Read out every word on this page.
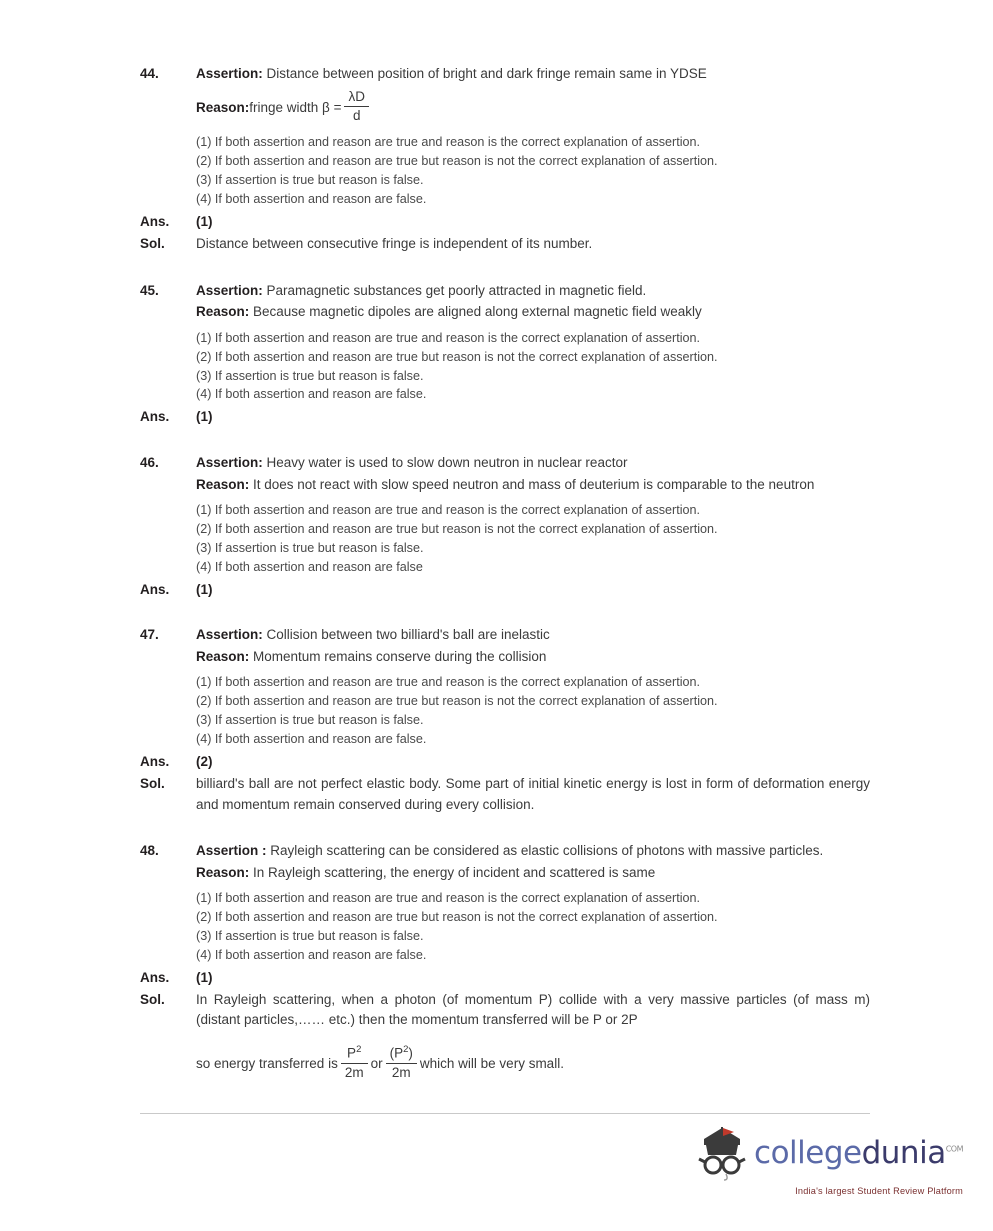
44.	Assertion: Distance between position of bright and dark fringe remain same in YDSE
Reason: fringe width $\beta = \frac{\lambda D}{d}$
(1) If both assertion and reason are true and reason is the correct explanation of assertion.
(2) If both assertion and reason are true but reason is not the correct explanation of assertion.
(3) If assertion is true but reason is false.
(4) If both assertion and reason are false.
Ans.	(1)
Sol.	Distance between consecutive fringe is independent of its number.
45.	Assertion: Paramagnetic substances get poorly attracted in magnetic field.
Reason: Because magnetic dipoles are aligned along external magnetic field weakly
(1) If both assertion and reason are true and reason is the correct explanation of assertion.
(2) If both assertion and reason are true but reason is not the correct explanation of assertion.
(3) If assertion is true but reason is false.
(4) If both assertion and reason are false.
Ans.	(1)
46.	Assertion: Heavy water is used to slow down neutron in nuclear reactor
Reason: It does not react with slow speed neutron and mass of deuterium is comparable to the neutron
(1) If both assertion and reason are true and reason is the correct explanation of assertion.
(2) If both assertion and reason are true but reason is not the correct explanation of assertion.
(3) If assertion is true but reason is false.
(4) If both assertion and reason are false
Ans.	(1)
47.	Assertion: Collision between two billiard's ball are inelastic
Reason: Momentum remains conserve during the collision
(1) If both assertion and reason are true and reason is the correct explanation of assertion.
(2) If both assertion and reason are true but reason is not the correct explanation of assertion.
(3) If assertion is true but reason is false.
(4) If both assertion and reason are false.
Ans.	(2)
Sol.	billiard's ball are not perfect elastic body. Some part of initial kinetic energy is lost in form of deformation energy and momentum remain conserved during every collision.
48.	Assertion : Rayleigh scattering can be considered as elastic collisions of photons with massive particles.
Reason: In Rayleigh scattering, the energy of incident and scattered is same
(1) If both assertion and reason are true and reason is the correct explanation of assertion.
(2) If both assertion and reason are true but reason is not the correct explanation of assertion.
(3) If assertion is true but reason is false.
(4) If both assertion and reason are false.
Ans.	(1)
Sol.	In Rayleigh scattering, when a photon (of momentum P) collide with a very massive particles (of mass m) (distant particles,…… etc.) then the momentum transferred will be P or 2P
so energy transferred is $\frac{P^2}{2m}$ or $\frac{(P^2)}{2m}$ which will be very small.
collegedunia$^{COM}$
India's largest Student Review Platform
